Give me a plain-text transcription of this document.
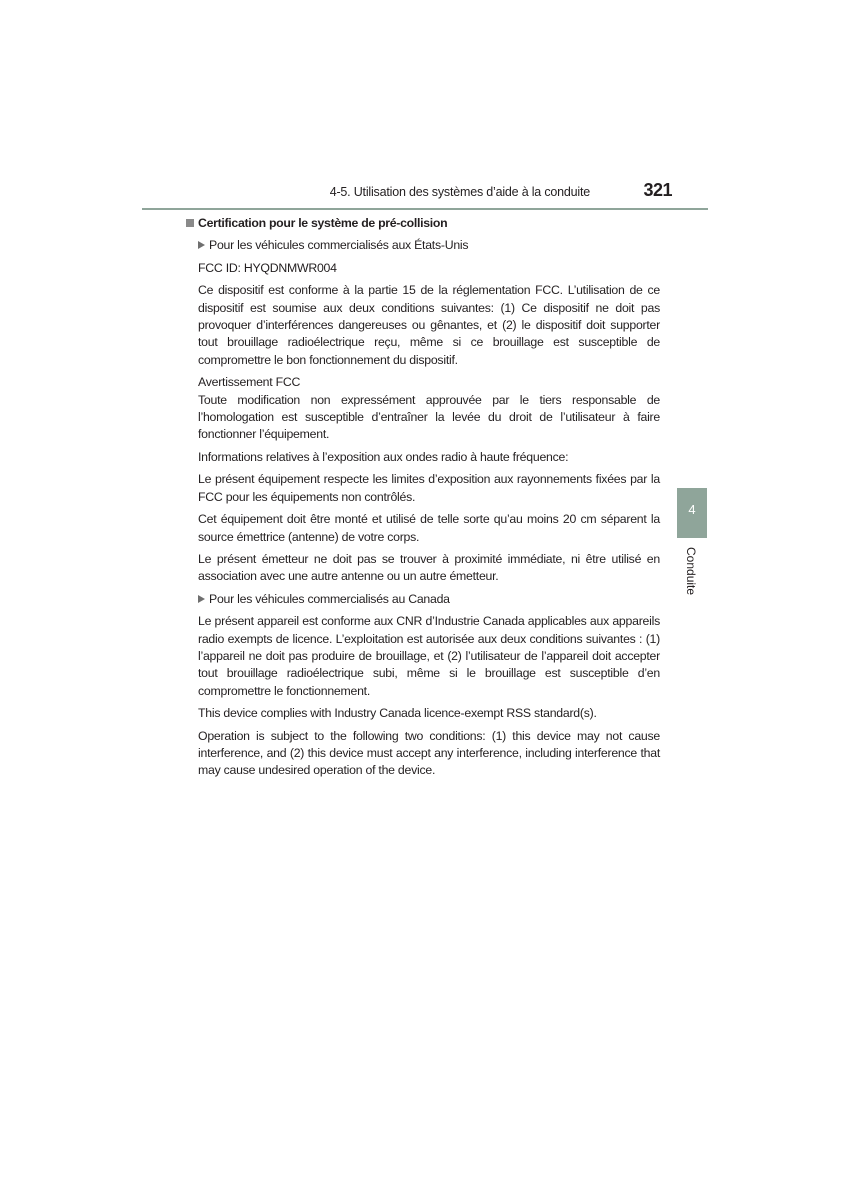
4-5. Utilisation des systèmes d’aide à la conduite	321
4
Conduite
Certification pour le système de pré-collision
Pour les véhicules commercialisés aux États-Unis

FCC ID: HYQDNMWR004

Ce dispositif est conforme à la partie 15 de la réglementation FCC. L’utilisation de ce dispositif est soumise aux deux conditions suivantes: (1) Ce dispositif ne doit pas provoquer d’interférences dangereuses ou gênantes, et (2) le dispositif doit supporter tout brouillage radioélectrique reçu, même si ce brouillage est susceptible de compromettre le bon fonctionnement du dispositif.

Avertissement FCC

Toute modification non expressément approuvée par le tiers responsable de l’homologation est susceptible d’entraîner la levée du droit de l’utilisateur à faire fonctionner l’équipement.

Informations relatives à l’exposition aux ondes radio à haute fréquence:

Le présent équipement respecte les limites d’exposition aux rayonnements fixées par la FCC pour les équipements non contrôlés.

Cet équipement doit être monté et utilisé de telle sorte qu’au moins 20 cm séparent la source émettrice (antenne) de votre corps.

Le présent émetteur ne doit pas se trouver à proximité immédiate, ni être utilisé en association avec une autre antenne ou un autre émetteur.

Pour les véhicules commercialisés au Canada

Le présent appareil est conforme aux CNR d’Industrie Canada applicables aux appareils radio exempts de licence. L’exploitation est autorisée aux deux conditions suivantes : (1) l’appareil ne doit pas produire de brouillage, et (2) l’utilisateur de l’appareil doit accepter tout brouillage radioélectrique subi, même si le brouillage est susceptible d’en compromettre le fonctionnement.

This device complies with Industry Canada licence-exempt RSS standard(s).

Operation is subject to the following two conditions: (1) this device may not cause interference, and (2) this device must accept any interference, including interference that may cause undesired operation of the device.
